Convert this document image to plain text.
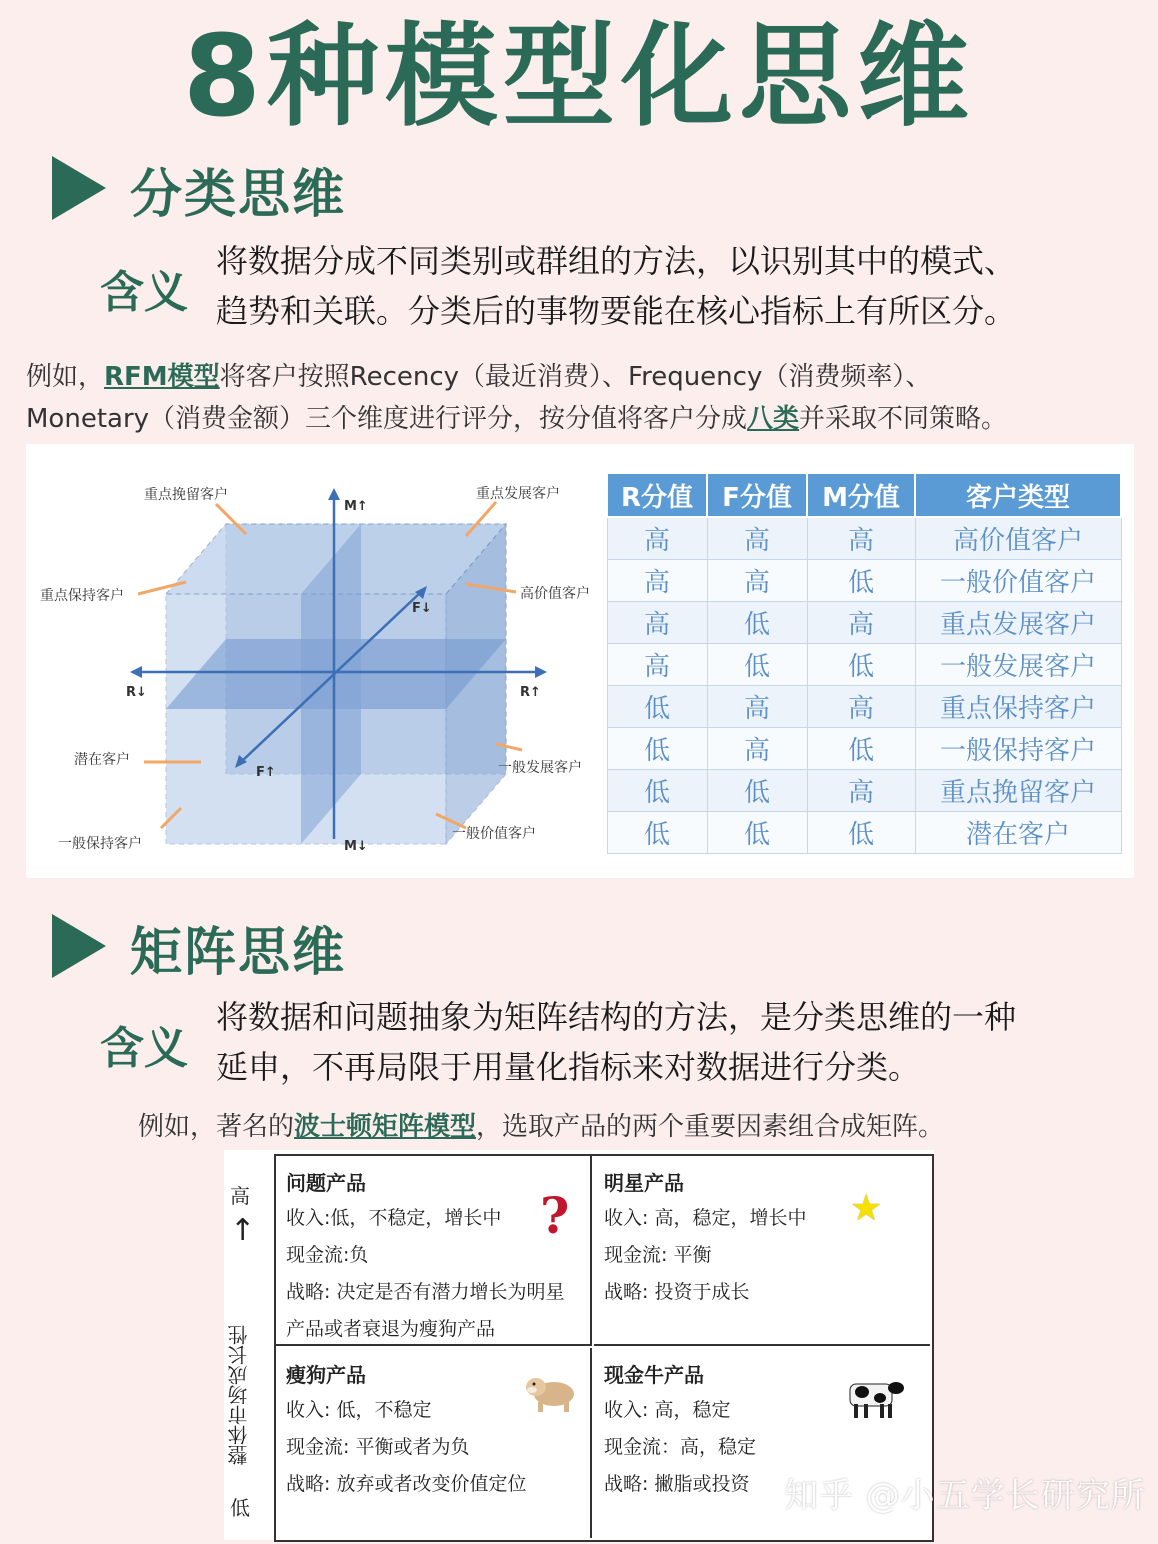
8种模型化思维
分类思维
含义
将数据分成不同类别或群组的方法，以识别其中的模式、
趋势和关联。分类后的事物要能在核心指标上有所区分。
例如，RFM模型将客户按照Recency（最近消费）、Frequency（消费频率）、
Monetary（消费金额）三个维度进行评分，按分值将客户分成八类并采取不同策略。
M↑
M↓
R↓	R↑
F↓
F↑
重点挽留客户	重点发展客户
重点保持客户	高价值客户
潜在客户	一般发展客户
一般保持客户
一般价值客户
R分值	F分值	M分值	客户类型
高	高	高	高价值客户
高	高	低	一般价值客户
高	低	高	重点发展客户
高	低	低	一般发展客户
低	高	高	重点保持客户
低	高	低	一般保持客户
低	低	高	重点挽留客户
低	低	低	潜在客户
矩阵思维
含义
将数据和问题抽象为矩阵结构的方法，是分类思维的一种
延申，不再局限于用量化指标来对数据进行分类。
例如，著名的波士顿矩阵模型，选取产品的两个重要因素组合成矩阵。
高
↑
整体市场成长性
低
问题产品
收入:低，不稳定，增长中
现金流:负
战略: 决定是否有潜力增长为明星
产品或者衰退为瘦狗产品
?
明星产品
收入: 高，稳定，增长中
现金流: 平衡
战略: 投资于成长
★
瘦狗产品
收入: 低，不稳定
现金流: 平衡或者为负
战略: 放弃或者改变价值定位
现金牛产品
收入: 高，稳定
现金流：高，稳定
战略: 撇脂或投资	知乎 @小五学长研究所
